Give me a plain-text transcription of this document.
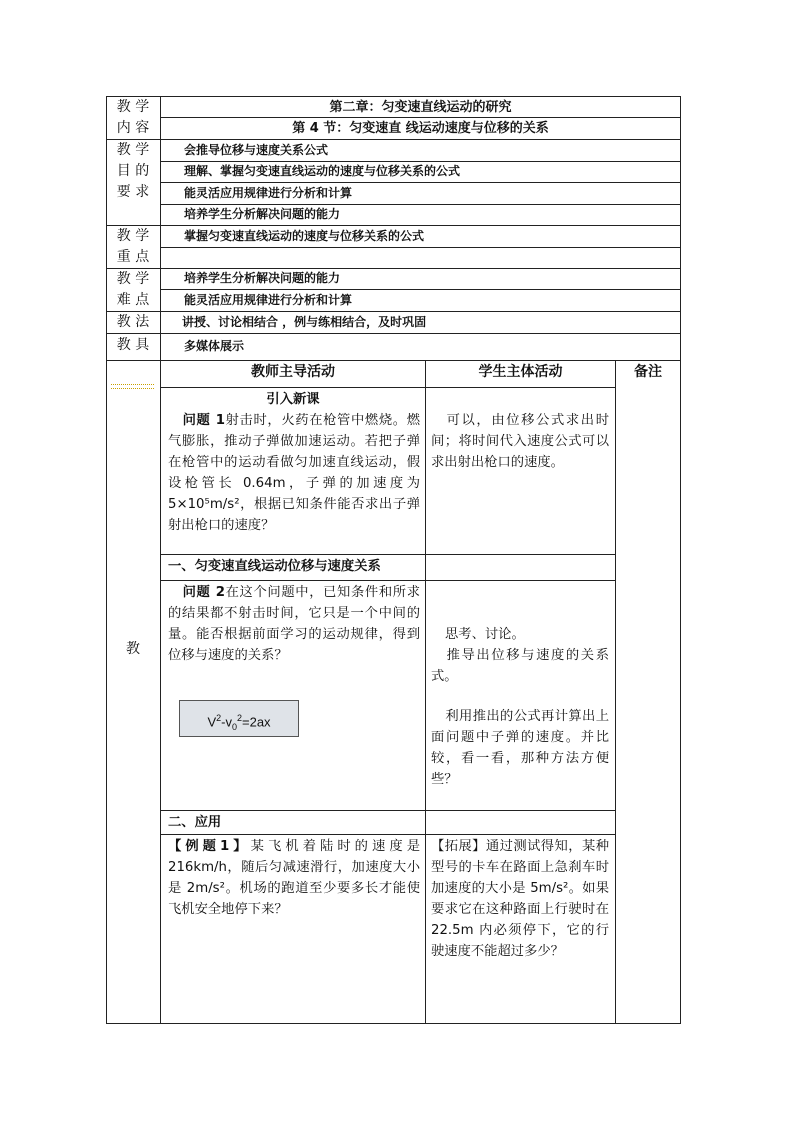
教 学
内 容
教 学
目 的
要 求
教 学
重 点
教 学
难 点
教 法
教 具
教
第二章：匀变速直线运动的研究
第 4 节：匀变速直 线运动速度与位移的关系
会推导位移与速度关系公式
理解、掌握匀变速直线运动的速度与位移关系的公式
能灵活应用规律进行分析和计算
培养学生分析解决问题的能力
掌握匀变速直线运动的速度与位移关系的公式
培养学生分析解决问题的能力
能灵活应用规律进行分析和计算
讲授、讨论相结合 ，例与练相结合，及时巩固
多媒体展示
教师主导活动	学生主体活动	备注
引入新课
问题 1射击时，火药在枪管中燃烧。燃气膨胀，推动子弹做加速运动。若把子弹在枪管中的运动看做匀加速直线运动，假设枪管长 0.64m，子弹的加速度为 5×10⁵m/s²，根据已知条件能否求出子弹射出枪口的速度？
可以，由位移公式求出时间；将时间代入速度公式可以求出射出枪口的速度。
一、匀变速直线运动位移与速度关系
问题 2在这个问题中，已知条件和所求的结果都不射击时间，它只是一个中间的量。能否根据前面学习的运动规律，得到位移与速度的关系？
$V^2-v_0^2=2ax$
思考、讨论。
推导出位移与速度的关系式。
利用推出的公式再计算出上面问题中子弹的速度。并比较，看一看，那种方法方便些？
二、应用
【例题1】某飞机着陆时的速度是 216km/h，随后匀减速滑行，加速度大小是 2m/s²。机场的跑道至少要多长才能使飞机安全地停下来？
【拓展】通过测试得知，某种型号的卡车在路面上急刹车时加速度的大小是 5m/s²。如果要求它在这种路面上行驶时在 22.5m 内必须停下，它的行驶速度不能超过多少？
